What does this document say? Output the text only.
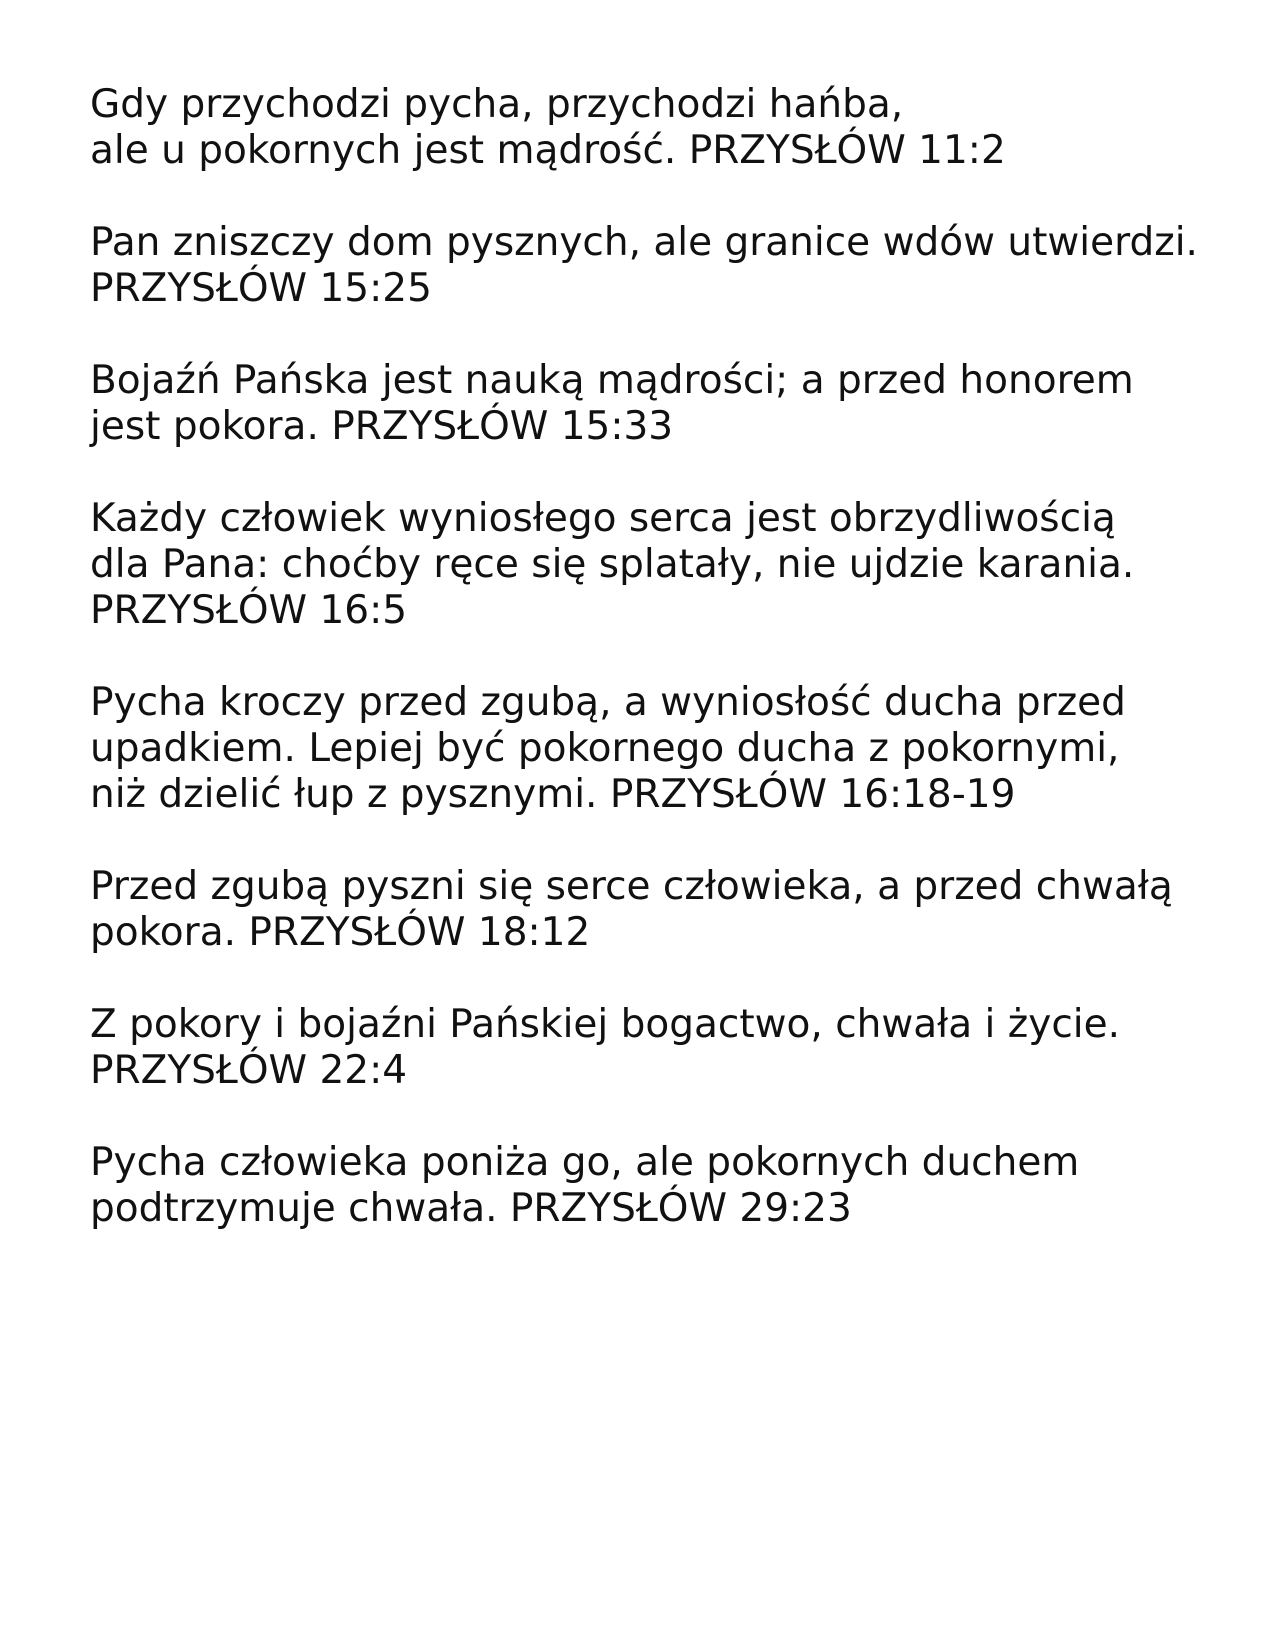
Gdy przychodzi pycha, przychodzi hańba,
ale u pokornych jest mądrość. PRZYSŁÓW 11:2

Pan zniszczy dom pysznych, ale granice wdów utwierdzi.
PRZYSŁÓW 15:25

Bojaźń Pańska jest nauką mądrości; a przed honorem
jest pokora. PRZYSŁÓW 15:33

Każdy człowiek wyniosłego serca jest obrzydliwością
dla Pana: choćby ręce się splatały, nie ujdzie karania.
PRZYSŁÓW 16:5

Pycha kroczy przed zgubą, a wyniosłość ducha przed
upadkiem. Lepiej być pokornego ducha z pokornymi,
niż dzielić łup z pysznymi. PRZYSŁÓW 16:18-19

Przed zgubą pyszni się serce człowieka, a przed chwałą
pokora. PRZYSŁÓW 18:12

Z pokory i bojaźni Pańskiej bogactwo, chwała i życie.
PRZYSŁÓW 22:4

Pycha człowieka poniża go, ale pokornych duchem
podtrzymuje chwała. PRZYSŁÓW 29:23
